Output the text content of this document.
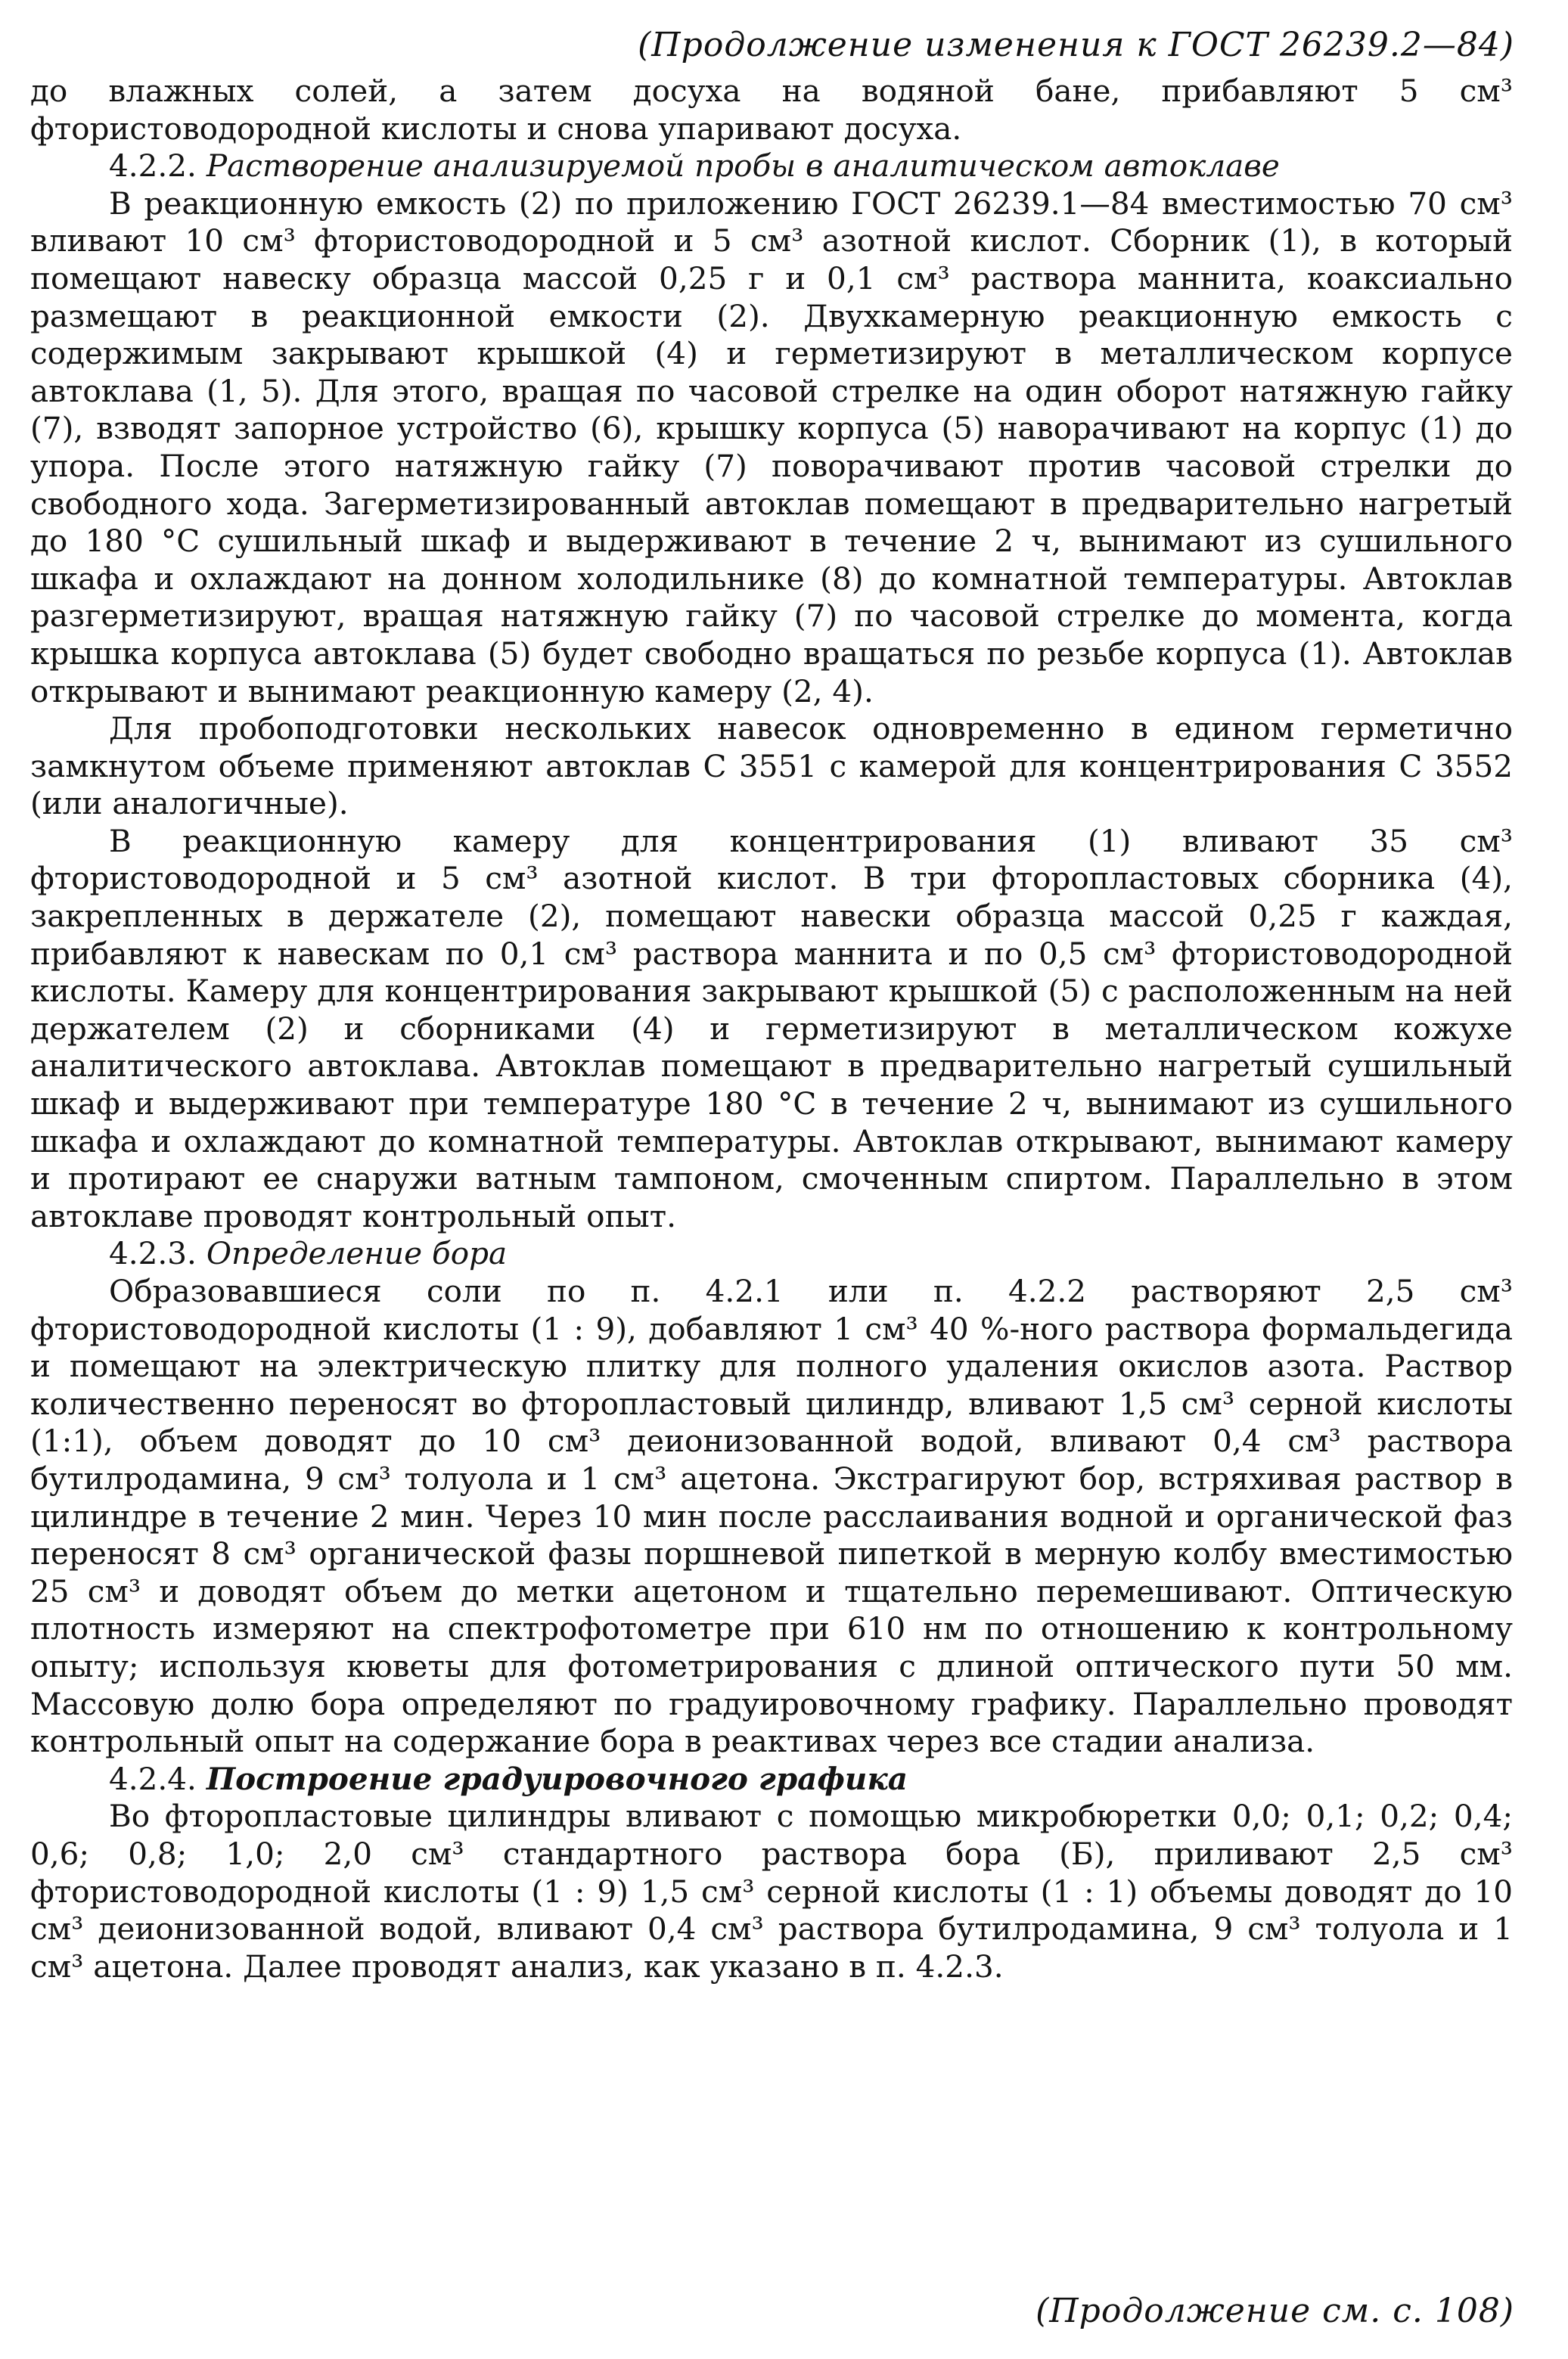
(Продолжение изменения к ГОСТ 26239.2—84)

до влажных солей, а затем досуха на водяной бане, прибавляют 5 см³ фтористоводородной кислоты и снова упаривают досуха.

4.2.2. Растворение анализируемой пробы в аналитическом автоклаве

В реакционную емкость (2) по приложению ГОСТ 26239.1—84 вместимостью 70 см³ вливают 10 см³ фтористоводородной и 5 см³ азотной кислот. Сборник (1), в который помещают навеску образца массой 0,25 г и 0,1 см³ раствора маннита, коаксиально размещают в реакционной емкости (2). Двухкамерную реакционную емкость с содержимым закрывают крышкой (4) и герметизируют в металлическом корпусе автоклава (1, 5). Для этого, вращая по часовой стрелке на один оборот натяжную гайку (7), взводят запорное устройство (6), крышку корпуса (5) наворачивают на корпус (1) до упора. После этого натяжную гайку (7) поворачивают против часовой стрелки до свободного хода. Загерметизированный автоклав помещают в предварительно нагретый до 180 °С сушильный шкаф и выдерживают в течение 2 ч, вынимают из сушильного шкафа и охлаждают на донном холодильнике (8) до комнатной температуры. Автоклав разгерметизируют, вращая натяжную гайку (7) по часовой стрелке до момента, когда крышка корпуса автоклава (5) будет свободно вращаться по резьбе корпуса (1). Автоклав открывают и вынимают реакционную камеру (2, 4).

Для пробоподготовки нескольких навесок одновременно в едином герметично замкнутом объеме применяют автоклав С 3551 с камерой для концентрирования С 3552 (или аналогичные).

В реакционную камеру для концентрирования (1) вливают 35 см³ фтористоводородной и 5 см³ азотной кислот. В три фторопластовых сборника (4), закрепленных в держателе (2), помещают навески образца массой 0,25 г каждая, прибавляют к навескам по 0,1 см³ раствора маннита и по 0,5 см³ фтористоводородной кислоты. Камеру для концентрирования закрывают крышкой (5) с расположенным на ней держателем (2) и сборниками (4) и герметизируют в металлическом кожухе аналитического автоклава. Автоклав помещают в предварительно нагретый сушильный шкаф и выдерживают при температуре 180 °С в течение 2 ч, вынимают из сушильного шкафа и охлаждают до комнатной температуры. Автоклав открывают, вынимают камеру и протирают ее снаружи ватным тампоном, смоченным спиртом. Параллельно в этом автоклаве проводят контрольный опыт.

4.2.3. Определение бора

Образовавшиеся соли по п. 4.2.1 или п. 4.2.2 растворяют 2,5 см³ фтористоводородной кислоты (1 : 9), добавляют 1 см³ 40 %-ного раствора формальдегида и помещают на электрическую плитку для полного удаления окислов азота. Раствор количественно переносят во фторопластовый цилиндр, вливают 1,5 см³ серной кислоты (1:1), объем доводят до 10 см³ деионизованной водой, вливают 0,4 см³ раствора бутилродамина, 9 см³ толуола и 1 см³ ацетона. Экстрагируют бор, встряхивая раствор в цилиндре в течение 2 мин. Через 10 мин после расслаивания водной и органической фаз переносят 8 см³ органической фазы поршневой пипеткой в мерную колбу вместимостью 25 см³ и доводят объем до метки ацетоном и тщательно перемешивают. Оптическую плотность измеряют на спектрофотометре при 610 нм по отношению к контрольному опыту; используя кюветы для фотометрирования с длиной оптического пути 50 мм. Массовую долю бора определяют по градуировочному графику. Параллельно проводят контрольный опыт на содержание бора в реактивах через все стадии анализа.

4.2.4. Построение градуировочного графика

Во фторопластовые цилиндры вливают с помощью микробюретки 0,0; 0,1; 0,2; 0,4; 0,6; 0,8; 1,0; 2,0 см³ стандартного раствора бора (Б), приливают 2,5 см³ фтористоводородной кислоты (1 : 9) 1,5 см³ серной кислоты (1 : 1) объемы доводят до 10 см³ деионизованной водой, вливают 0,4 см³ раствора бутилродамина, 9 см³ толуола и 1 см³ ацетона. Далее проводят анализ, как указано в п. 4.2.3.

(Продолжение см. с. 108)
